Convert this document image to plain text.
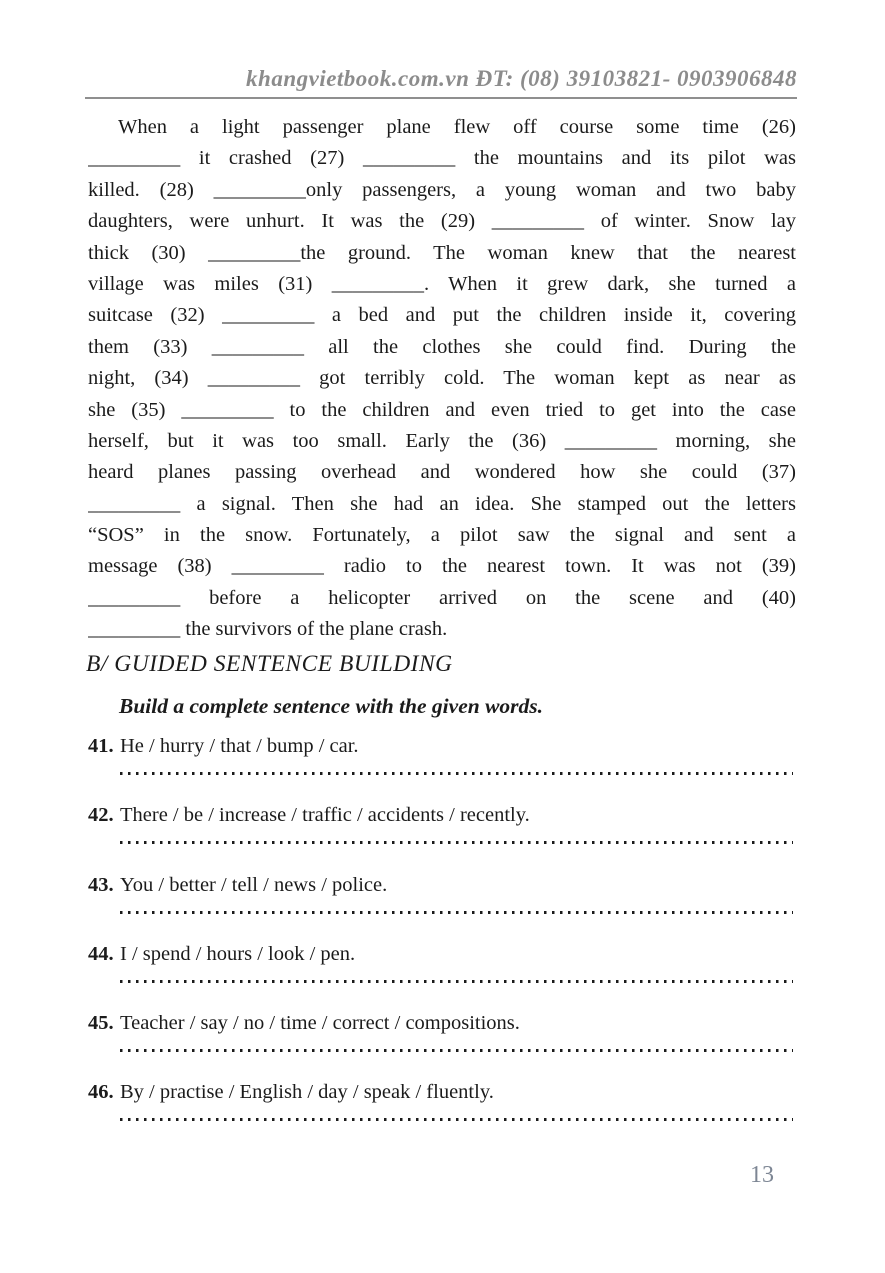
khangvietbook.com.vn ĐT: (08) 39103821- 0903906848
When a light passenger plane flew off course some time (26)
_________ it crashed (27) _________ the mountains and its pilot was
killed. (28) _________only passengers, a young woman and two baby
daughters, were unhurt. It was the (29) _________ of winter. Snow lay
thick (30) _________the ground. The woman knew that the nearest
village was miles (31) _________. When it grew dark, she turned a
suitcase (32) _________ a bed and put the children inside it, covering
them (33) _________ all the clothes she could find. During the
night, (34) _________ got terribly cold. The woman kept as near as
she (35) _________ to the children and even tried to get into the case
herself, but it was too small. Early the (36) _________ morning, she
heard planes passing overhead and wondered how she could (37)
_________ a signal. Then she had an idea. She stamped out the letters
“SOS” in the snow. Fortunately, a pilot saw the signal and sent a
message (38) _________ radio to the nearest town. It was not (39)
_________ before a helicopter arrived on the scene and (40)
_________ the survivors of the plane crash.
B/ GUIDED SENTENCE BUILDING
Build a complete sentence with the given words.
41. He / hurry / that / bump / car.
42. There / be / increase / traffic / accidents / recently.
43. You / better / tell / news / police.
44. I / spend / hours / look / pen.
45. Teacher / say / no / time / correct / compositions.
46. By / practise / English / day / speak / fluently.
13
